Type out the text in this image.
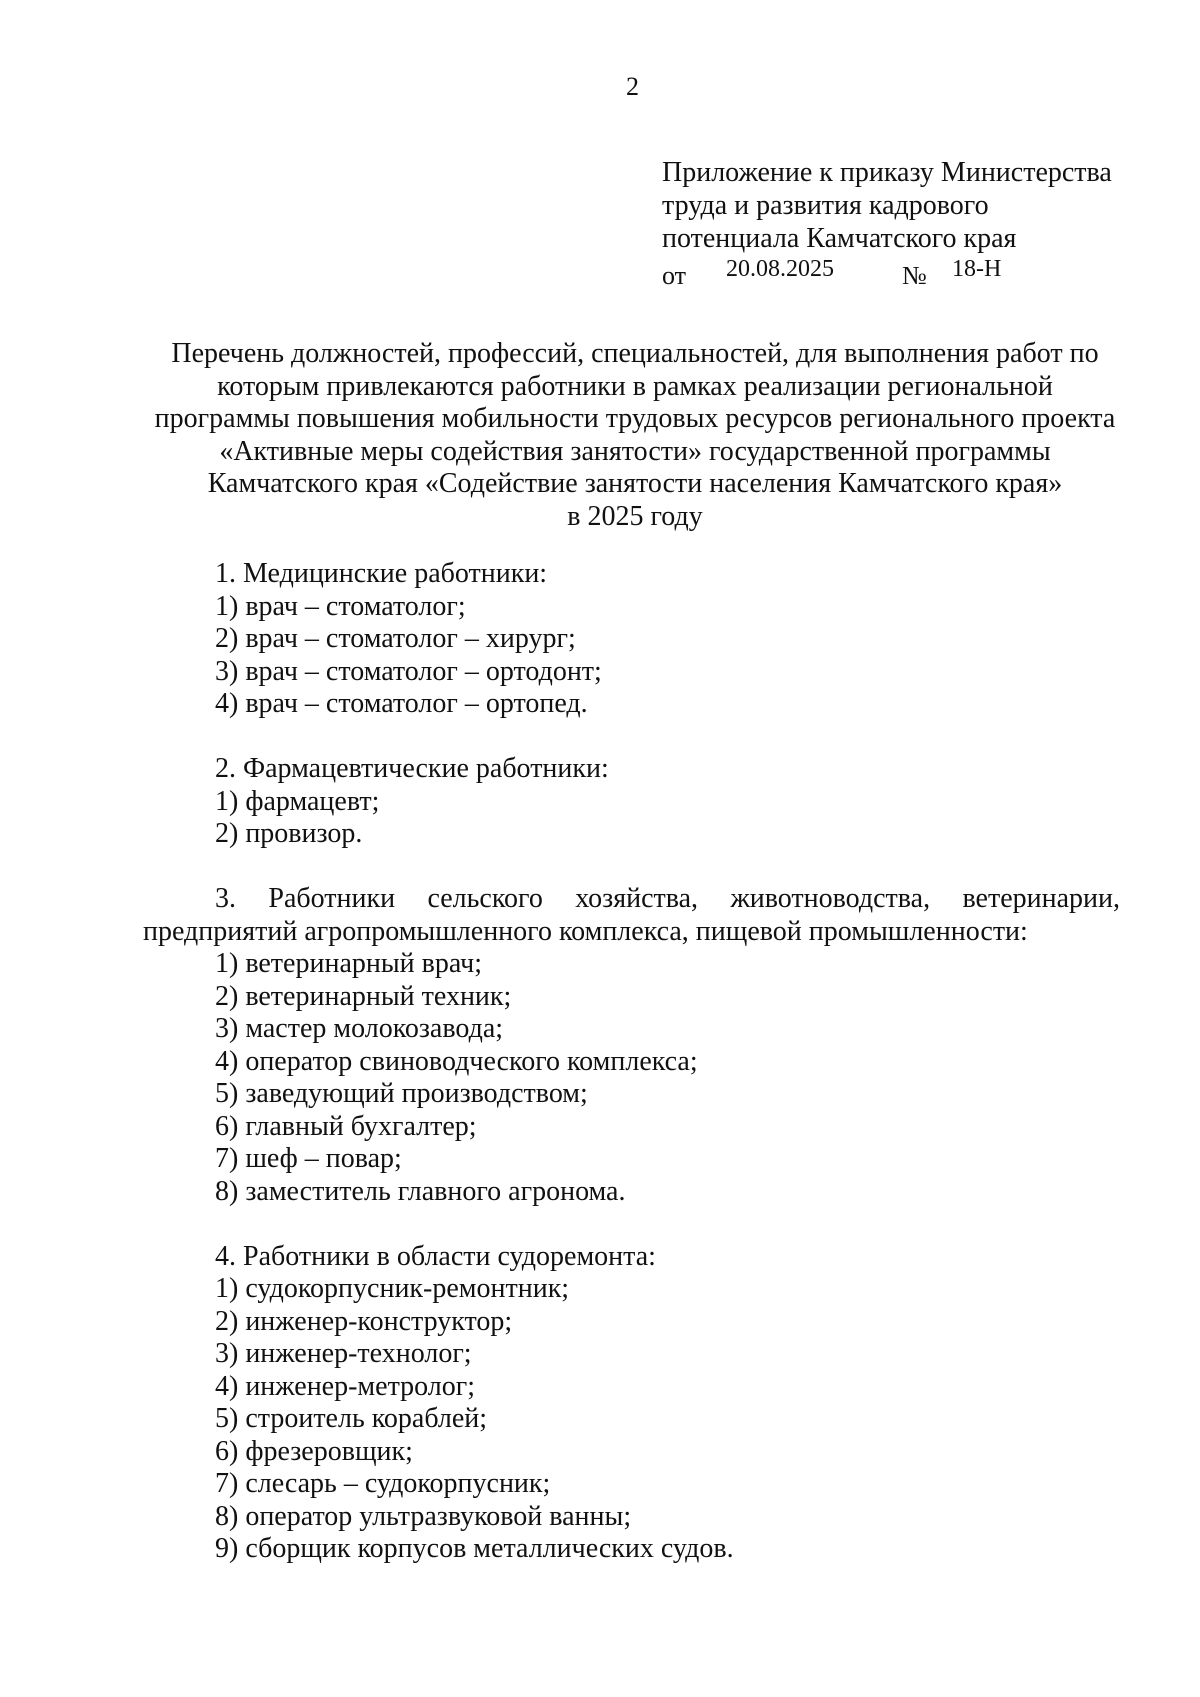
2
Приложение к приказу Министерства
труда и развития кадрового
потенциала Камчатского края
от 20.08.2025	№ 18-Н
Перечень должностей, профессий, специальностей, для выполнения работ по
которым привлекаются работники в рамках реализации региональной
программы повышения мобильности трудовых ресурсов регионального проекта
«Активные меры содействия занятости» государственной программы
Камчатского края «Содействие занятости населения Камчатского края»
в 2025 году
1. Медицинские работники:
1) врач – стоматолог;
2) врач – стоматолог – хирург;
3) врач – стоматолог – ортодонт;
4) врач – стоматолог – ортопед.
2. Фармацевтические работники:
1) фармацевт;
2) провизор.
3. Работники сельского хозяйства, животноводства, ветеринарии,
предприятий агропромышленного комплекса, пищевой промышленности:
1) ветеринарный врач;
2) ветеринарный техник;
3) мастер молокозавода;
4) оператор свиноводческого комплекса;
5) заведующий производством;
6) главный бухгалтер;
7) шеф – повар;
8) заместитель главного агронома.
4. Работники в области судоремонта:
1) судокорпусник-ремонтник;
2) инженер-конструктор;
3) инженер-технолог;
4) инженер-метролог;
5) строитель кораблей;
6) фрезеровщик;
7) слесарь – судокорпусник;
8) оператор ультразвуковой ванны;
9) сборщик корпусов металлических судов.
